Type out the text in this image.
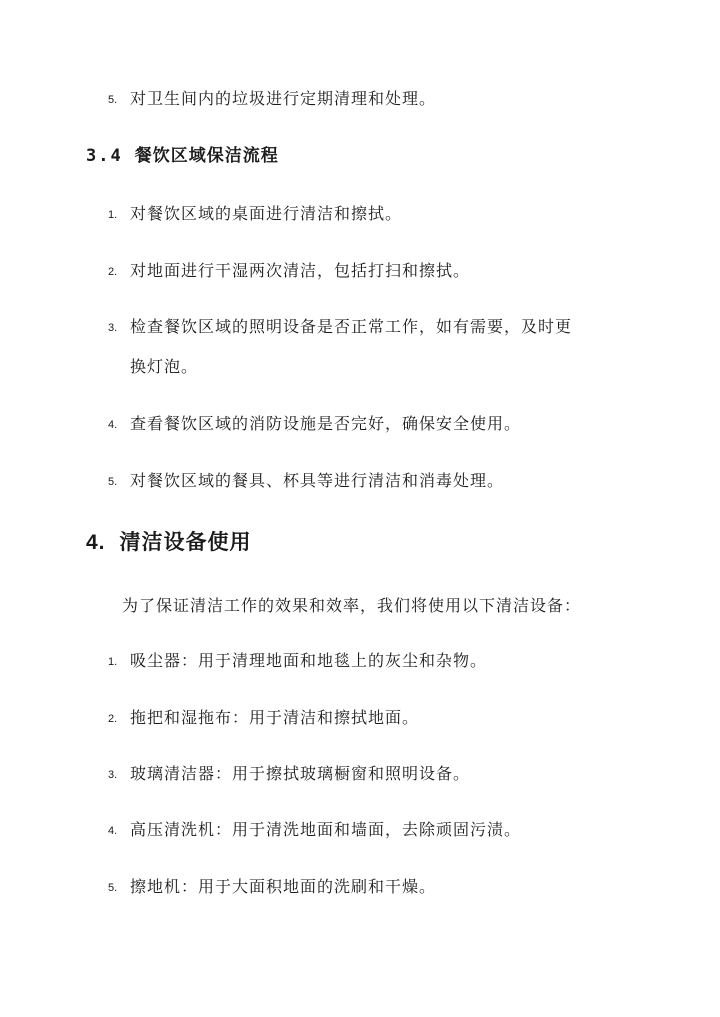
5. 对卫生间内的垃圾进行定期清理和处理。
3.4 餐饮区域保洁流程
1. 对餐饮区域的桌面进行清洁和擦拭。
2. 对地面进行干湿两次清洁，包括打扫和擦拭。
3. 检查餐饮区域的照明设备是否正常工作，如有需要，及时更
换灯泡。
4. 查看餐饮区域的消防设施是否完好，确保安全使用。
5. 对餐饮区域的餐具、杯具等进行清洁和消毒处理。
4. 清洁设备使用
为了保证清洁工作的效果和效率，我们将使用以下清洁设备：
1. 吸尘器：用于清理地面和地毯上的灰尘和杂物。
2. 拖把和湿拖布：用于清洁和擦拭地面。
3. 玻璃清洁器：用于擦拭玻璃橱窗和照明设备。
4. 高压清洗机：用于清洗地面和墙面，去除顽固污渍。
5. 擦地机：用于大面积地面的洗刷和干燥。
